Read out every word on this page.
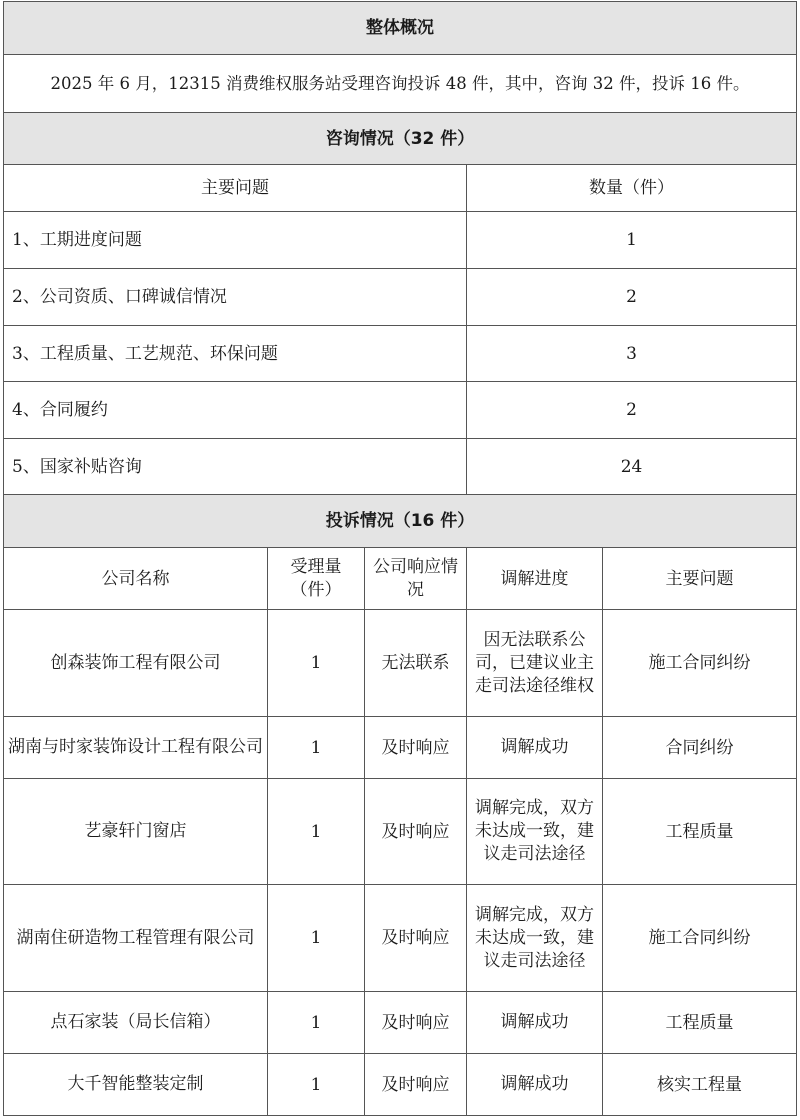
整体概况				
2025 年 6 月，12315 消费维权服务站受理咨询投诉 48 件，其中，咨询 32 件，投诉 16 件。				
咨询情况（32 件）				
主要问题			数量（件）	
1、工期进度问题			1	
2、公司资质、口碑诚信情况			2	
3、工程质量、工艺规范、环保问题			3	
4、合同履约			2	
5、国家补贴咨询			24	
投诉情况（16 件）				
公司名称	受理量（件）	公司响应情况	调解进度	主要问题
创森装饰工程有限公司	1	无法联系	因无法联系公司，已建议业主走司法途径维权	施工合同纠纷
湖南与时家装饰设计工程有限公司	1	及时响应	调解成功	合同纠纷
艺豪轩门窗店	1	及时响应	调解完成，双方未达成一致，建议走司法途径	工程质量
湖南住研造物工程管理有限公司	1	及时响应	调解完成，双方未达成一致，建议走司法途径	施工合同纠纷
点石家装（局长信箱）	1	及时响应	调解成功	工程质量
大千智能整装定制	1	及时响应	调解成功	核实工程量
